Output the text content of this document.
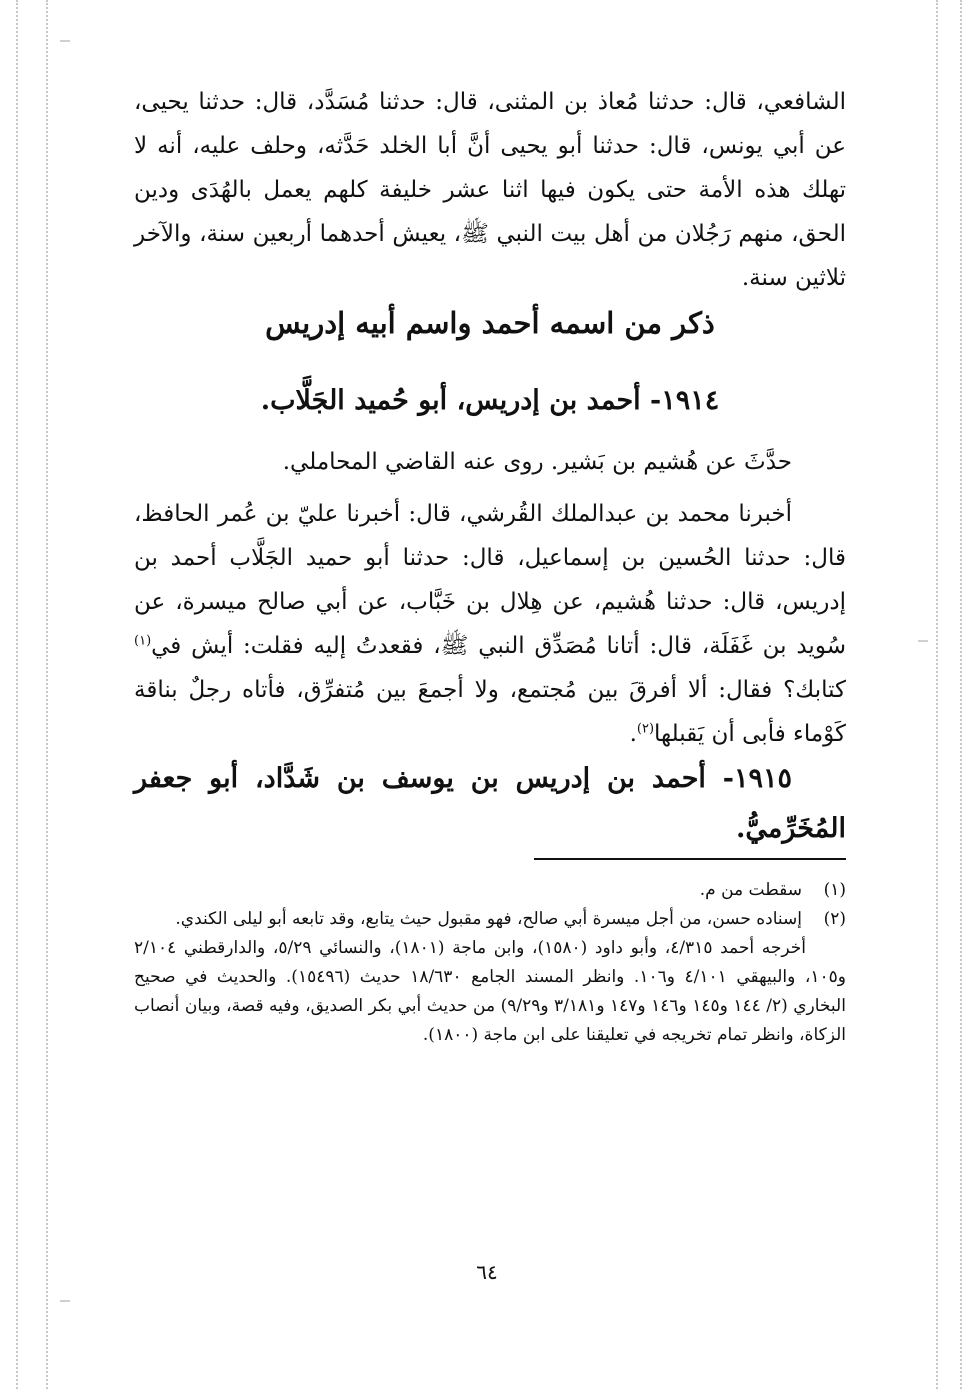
الشافعي، قال: حدثنا مُعاذ بن المثنى، قال: حدثنا مُسَدَّد، قال: حدثنا يحيى، عن أبي يونس، قال: حدثنا أبو يحيى أنَّ أبا الخلد حَدَّثه، وحلف عليه، أنه لا تهلك هذه الأمة حتى يكون فيها اثنا عشر خليفة كلهم يعمل بالهُدَى ودين الحق، منهم رَجُلان من أهل بيت النبي ﷺ، يعيش أحدهما أربعين سنة، والآخر ثلاثين سنة.

ذكر من اسمه أحمد واسم أبيه إدريس
١٩١٤- أحمد بن إدريس، أبو حُميد الجَلَّاب.

حدَّثَ عن هُشيم بن بَشير. روى عنه القاضي المحاملي.

أخبرنا محمد بن عبدالملك القُرشي، قال: أخبرنا عليّ بن عُمر الحافظ، قال: حدثنا الحُسين بن إسماعيل، قال: حدثنا أبو حميد الجَلَّاب أحمد بن إدريس، قال: حدثنا هُشيم، عن هِلال بن خَبَّاب، عن أبي صالح ميسرة، عن سُويد بن غَفَلَة، قال: أتانا مُصَدِّق النبي ﷺ، فقعدتُ إليه فقلت: أيش في$^{(١)}$ كتابك؟ فقال: ألا أفرقَ بين مُجتمع، ولا أجمعَ بين مُتفرِّق، فأتاه رجلٌ بناقة كَوْماء فأبى أن يَقبلها$^{(٢)}$.

١٩١٥- أحمد بن إدريس بن يوسف بن شَدَّاد، أبو جعفر المُخَرِّميُّ.
(١)
سقطت من م.
(٢)
إسناده حسن، من أجل ميسرة أبي صالح، فهو مقبول حيث يتابع، وقد تابعه أبو ليلى الكندي.

أخرجه أحمد ٤/٣١٥، وأبو داود (١٥٨٠)، وابن ماجة (١٨٠١)، والنسائي ٥/٢٩، والدارقطني ٢/١٠٤ و١٠٥، والبيهقي ٤/١٠١ و١٠٦. وانظر المسند الجامع ١٨/٦٣٠ حديث (١٥٤٩٦). والحديث في صحيح البخاري (٢/ ١٤٤ و١٤٥ و١٤٦ و١٤٧ و٣/١٨١ و٩/٢٩) من حديث أبي بكر الصديق، وفيه قصة، وبيان أنصاب الزكاة، وانظر تمام تخريجه في تعليقنا على ابن ماجة (١٨٠٠).

٦٤
